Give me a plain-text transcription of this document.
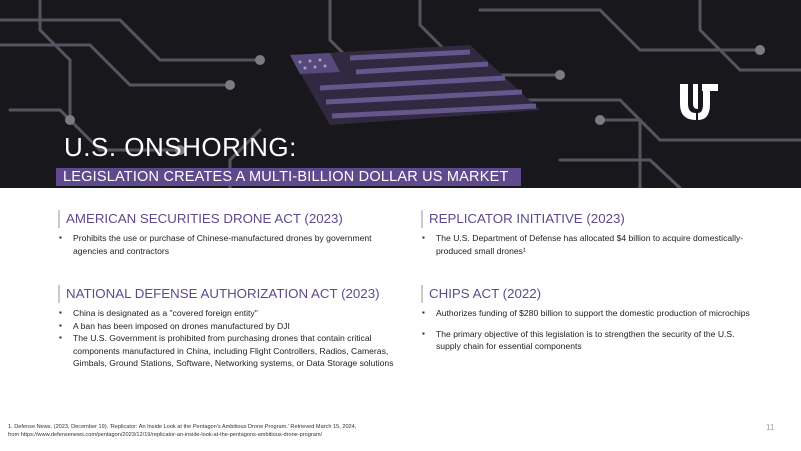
U.S. ONSHORING:
LEGISLATION CREATES A MULTI-BILLION DOLLAR US MARKET
AMERICAN SECURITIES DRONE ACT (2023)
▪ Prohibits the use or purchase of Chinese-manufactured drones by government agencies and contractors
NATIONAL DEFENSE AUTHORIZATION ACT (2023)
▪ China is designated as a "covered foreign entity"
▪ A ban has been imposed on drones manufactured by DJI
▪ The U.S. Government is prohibited from purchasing drones that contain critical components manufactured in China, including Flight Controllers, Radios, Cameras, Gimbals, Ground Stations, Software, Networking systems, or Data Storage solutions
REPLICATOR INITIATIVE (2023)
▪ The U.S. Department of Defense has allocated $4 billion to acquire domestically-produced small drones¹
CHIPS ACT (2022)
▪ Authorizes funding of $280 billion to support the domestic production of microchips
▪ The primary objective of this legislation is to strengthen the security of the U.S. supply chain for essential components
1. Defense News. (2023, December 19). 'Replicator: An Inside Look at the Pentagon's Ambitious Drone Program.' Retrieved March 15, 2024,
from https://www.defensenews.com/pentagon/2023/12/19/replicator-an-inside-look-at-the-pentagons-ambitious-drone-program/
11
